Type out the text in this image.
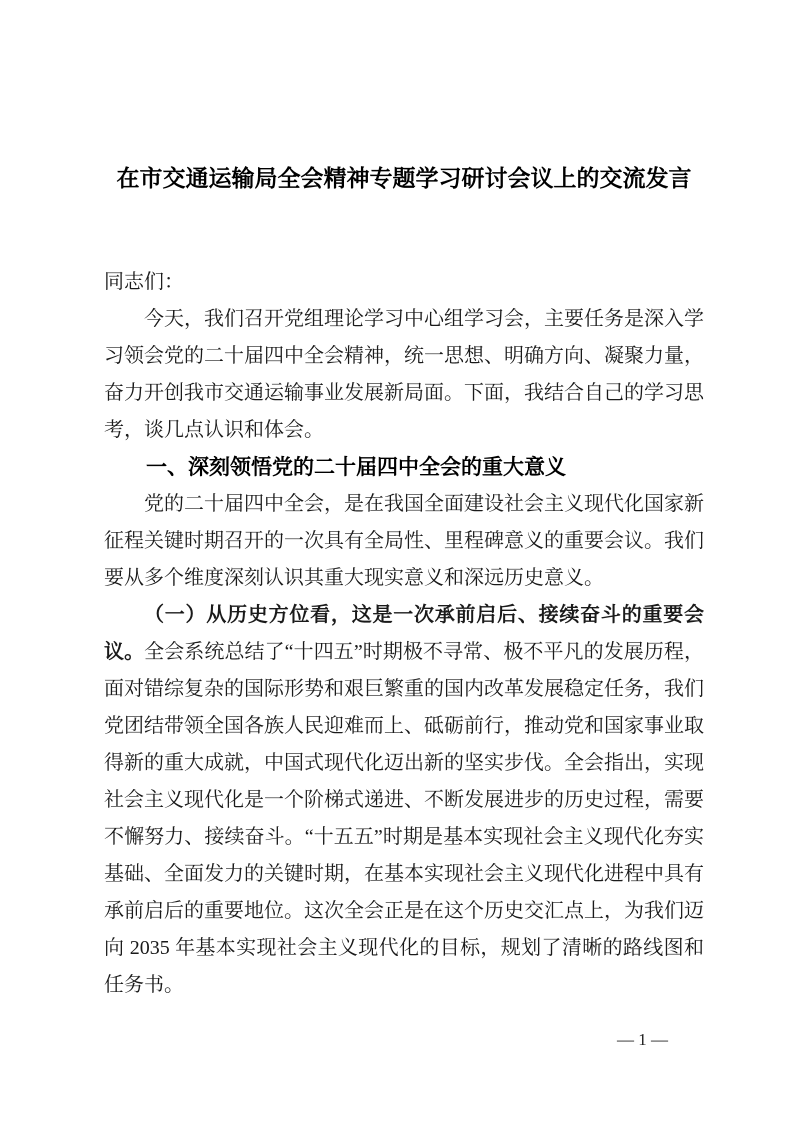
在市交通运输局全会精神专题学习研讨会议上的交流发言

同志们：

今天，我们召开党组理论学习中心组学习会，主要任务是深入学习领会党的二十届四中全会精神，统一思想、明确方向、凝聚力量，奋力开创我市交通运输事业发展新局面。下面，我结合自己的学习思考，谈几点认识和体会。

一、深刻领悟党的二十届四中全会的重大意义

党的二十届四中全会，是在我国全面建设社会主义现代化国家新征程关键时期召开的一次具有全局性、里程碑意义的重要会议。我们要从多个维度深刻认识其重大现实意义和深远历史意义。

（一）从历史方位看，这是一次承前启后、接续奋斗的重要会议。全会系统总结了“十四五”时期极不寻常、极不平凡的发展历程，面对错综复杂的国际形势和艰巨繁重的国内改革发展稳定任务，我们党团结带领全国各族人民迎难而上、砥砺前行，推动党和国家事业取得新的重大成就，中国式现代化迈出新的坚实步伐。全会指出，实现社会主义现代化是一个阶梯式递进、不断发展进步的历史过程，需要不懈努力、接续奋斗。“十五五”时期是基本实现社会主义现代化夯实基础、全面发力的关键时期，在基本实现社会主义现代化进程中具有承前启后的重要地位。这次全会正是在这个历史交汇点上，为我们迈向 2035 年基本实现社会主义现代化的目标，规划了清晰的路线图和任务书。

— 1 —
